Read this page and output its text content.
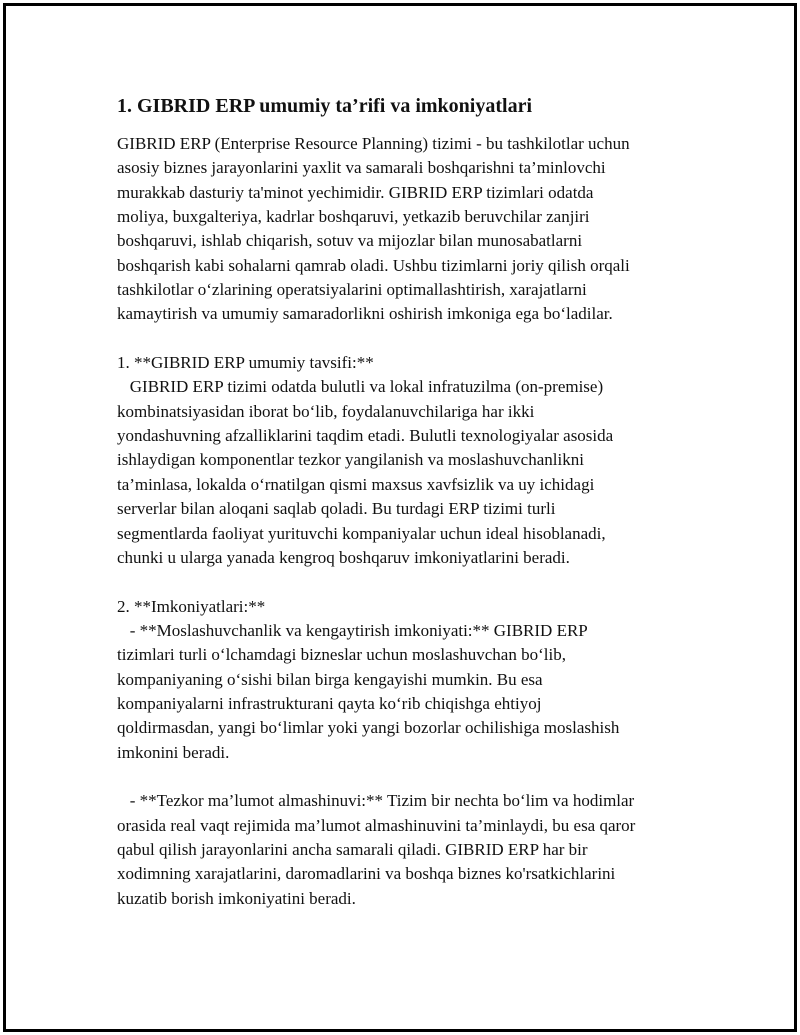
1. GIBRID ERP umumiy ta’rifi va imkoniyatlari
GIBRID ERP (Enterprise Resource Planning) tizimi - bu tashkilotlar uchun
asosiy biznes jarayonlarini yaxlit va samarali boshqarishni ta’minlovchi
murakkab dasturiy ta'minot yechimidir. GIBRID ERP tizimlari odatda
moliya, buxgalteriya, kadrlar boshqaruvi, yetkazib beruvchilar zanjiri
boshqaruvi, ishlab chiqarish, sotuv va mijozlar bilan munosabatlarni
boshqarish kabi sohalarni qamrab oladi. Ushbu tizimlarni joriy qilish orqali
tashkilotlar o‘zlarining operatsiyalarini optimallashtirish, xarajatlarni
kamaytirish va umumiy samaradorlikni oshirish imkoniga ega bo‘ladilar.
1. **GIBRID ERP umumiy tavsifi:**
GIBRID ERP tizimi odatda bulutli va lokal infratuzilma (on-premise)
kombinatsiyasidan iborat bo‘lib, foydalanuvchilariga har ikki
yondashuvning afzalliklarini taqdim etadi. Bulutli texnologiyalar asosida
ishlaydigan komponentlar tezkor yangilanish va moslashuvchanlikni
ta’minlasa, lokalda o‘rnatilgan qismi maxsus xavfsizlik va uy ichidagi
serverlar bilan aloqani saqlab qoladi. Bu turdagi ERP tizimi turli
segmentlarda faoliyat yurituvchi kompaniyalar uchun ideal hisoblanadi,
chunki u ularga yanada kengroq boshqaruv imkoniyatlarini beradi.
2. **Imkoniyatlari:**
- **Moslashuvchanlik va kengaytirish imkoniyati:** GIBRID ERP
tizimlari turli o‘lchamdagi bizneslar uchun moslashuvchan bo‘lib,
kompaniyaning o‘sishi bilan birga kengayishi mumkin. Bu esa
kompaniyalarni infrastrukturani qayta ko‘rib chiqishga ehtiyoj
qoldirmasdan, yangi bo‘limlar yoki yangi bozorlar ochilishiga moslashish
imkonini beradi.
- **Tezkor ma’lumot almashinuvi:** Tizim bir nechta bo‘lim va hodimlar
orasida real vaqt rejimida ma’lumot almashinuvini ta’minlaydi, bu esa qaror
qabul qilish jarayonlarini ancha samarali qiladi. GIBRID ERP har bir
xodimning xarajatlarini, daromadlarini va boshqa biznes ko'rsatkichlarini
kuzatib borish imkoniyatini beradi.
